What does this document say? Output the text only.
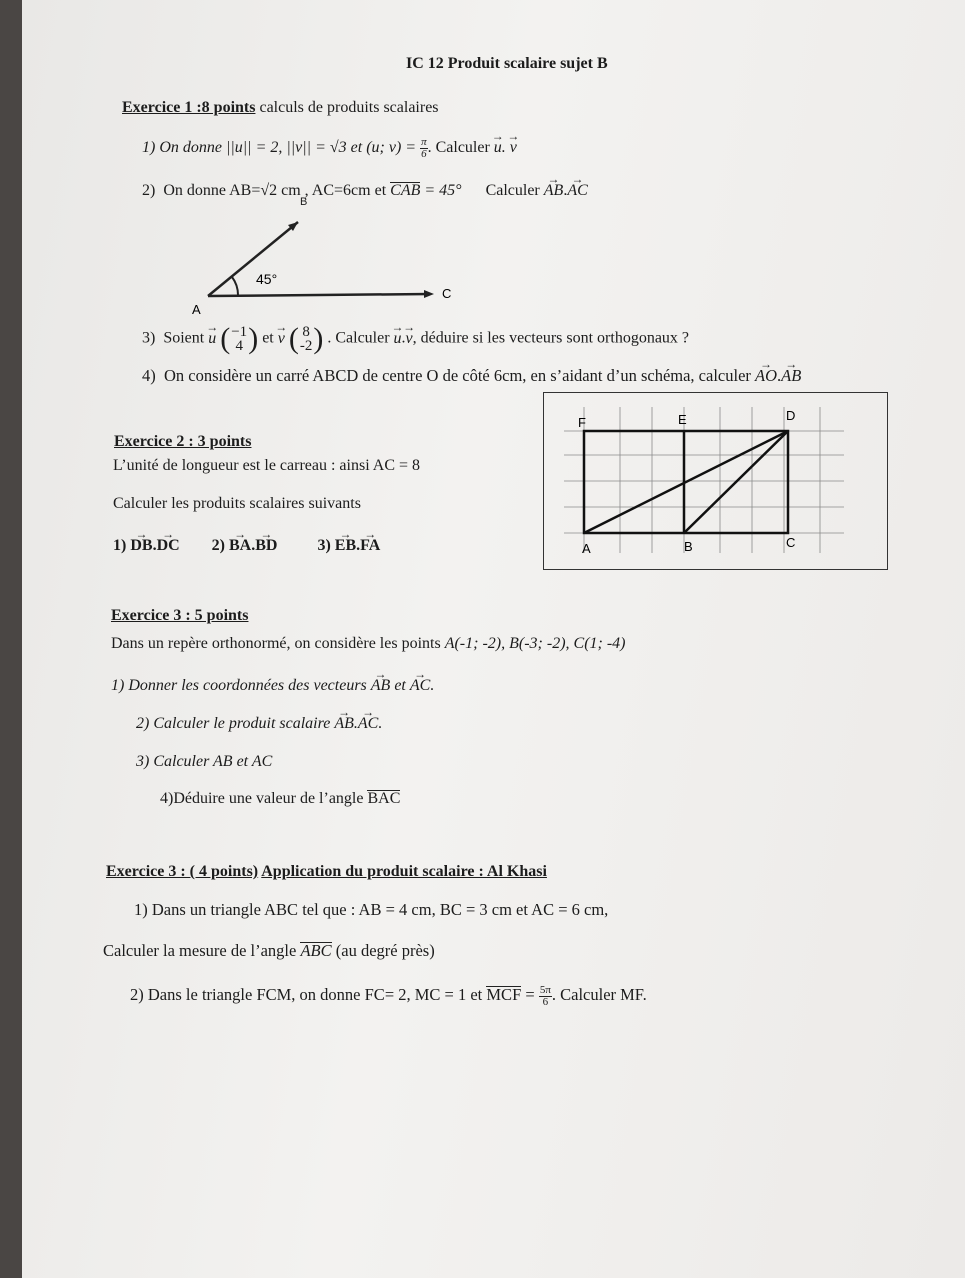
IC 12 Produit scalaire sujet B
Exercice 1 :8 points calculs de produits scalaires
1) On donne ||u|| = 2, ||v|| = √3 et (u; $v) = \frac{\pi}{6}$ . Calculer → u. → v
2) On donne AB=√2 cm , AC=6cm et CAB = 45° Calculer → AB.→ AC
A
C
45°
B
3) Soient → u ( −1
4 ) et → v ( 8
-2 ) . Calculer → u.→ v, déduire si les vecteurs sont orthogonaux ?
4) On considère un carré ABCD de centre O de côté 6cm, en s’aidant d’un schéma, calculer → AO.→ AB
Exercice 2 : 3 points
L’unité de longueur est le carreau : ainsi AC = 8
Calculer les produits scalaires suivants
1) → DB.→ DC 2) → BA.→ BD	3) → EB.→ FA
F	E	D
A	B	C
Exercice 3 : 5 points
Dans un repère orthonormé, on considère les points A(-1; -2), B(-3; -2), C(1; -4)
1) Donner les coordonnées des vecteurs → AB et → AC.
2) Calculer le produit scalaire → AB.→ AC.
3) Calculer AB et AC
4)Déduire une valeur de l’angle BAC
Exercice 3 : ( 4 points) Application du produit scalaire : Al Khasi
1) Dans un triangle ABC tel que : AB = 4 cm, BC = 3 cm et AC = 6 cm,
Calculer la mesure de l’angle ABC (au degré près)
2) Dans le triangle FCM, on donne FC= 2, MC = 1 et MCF = $\frac{5\pi}{6}$ . Calculer MF.
